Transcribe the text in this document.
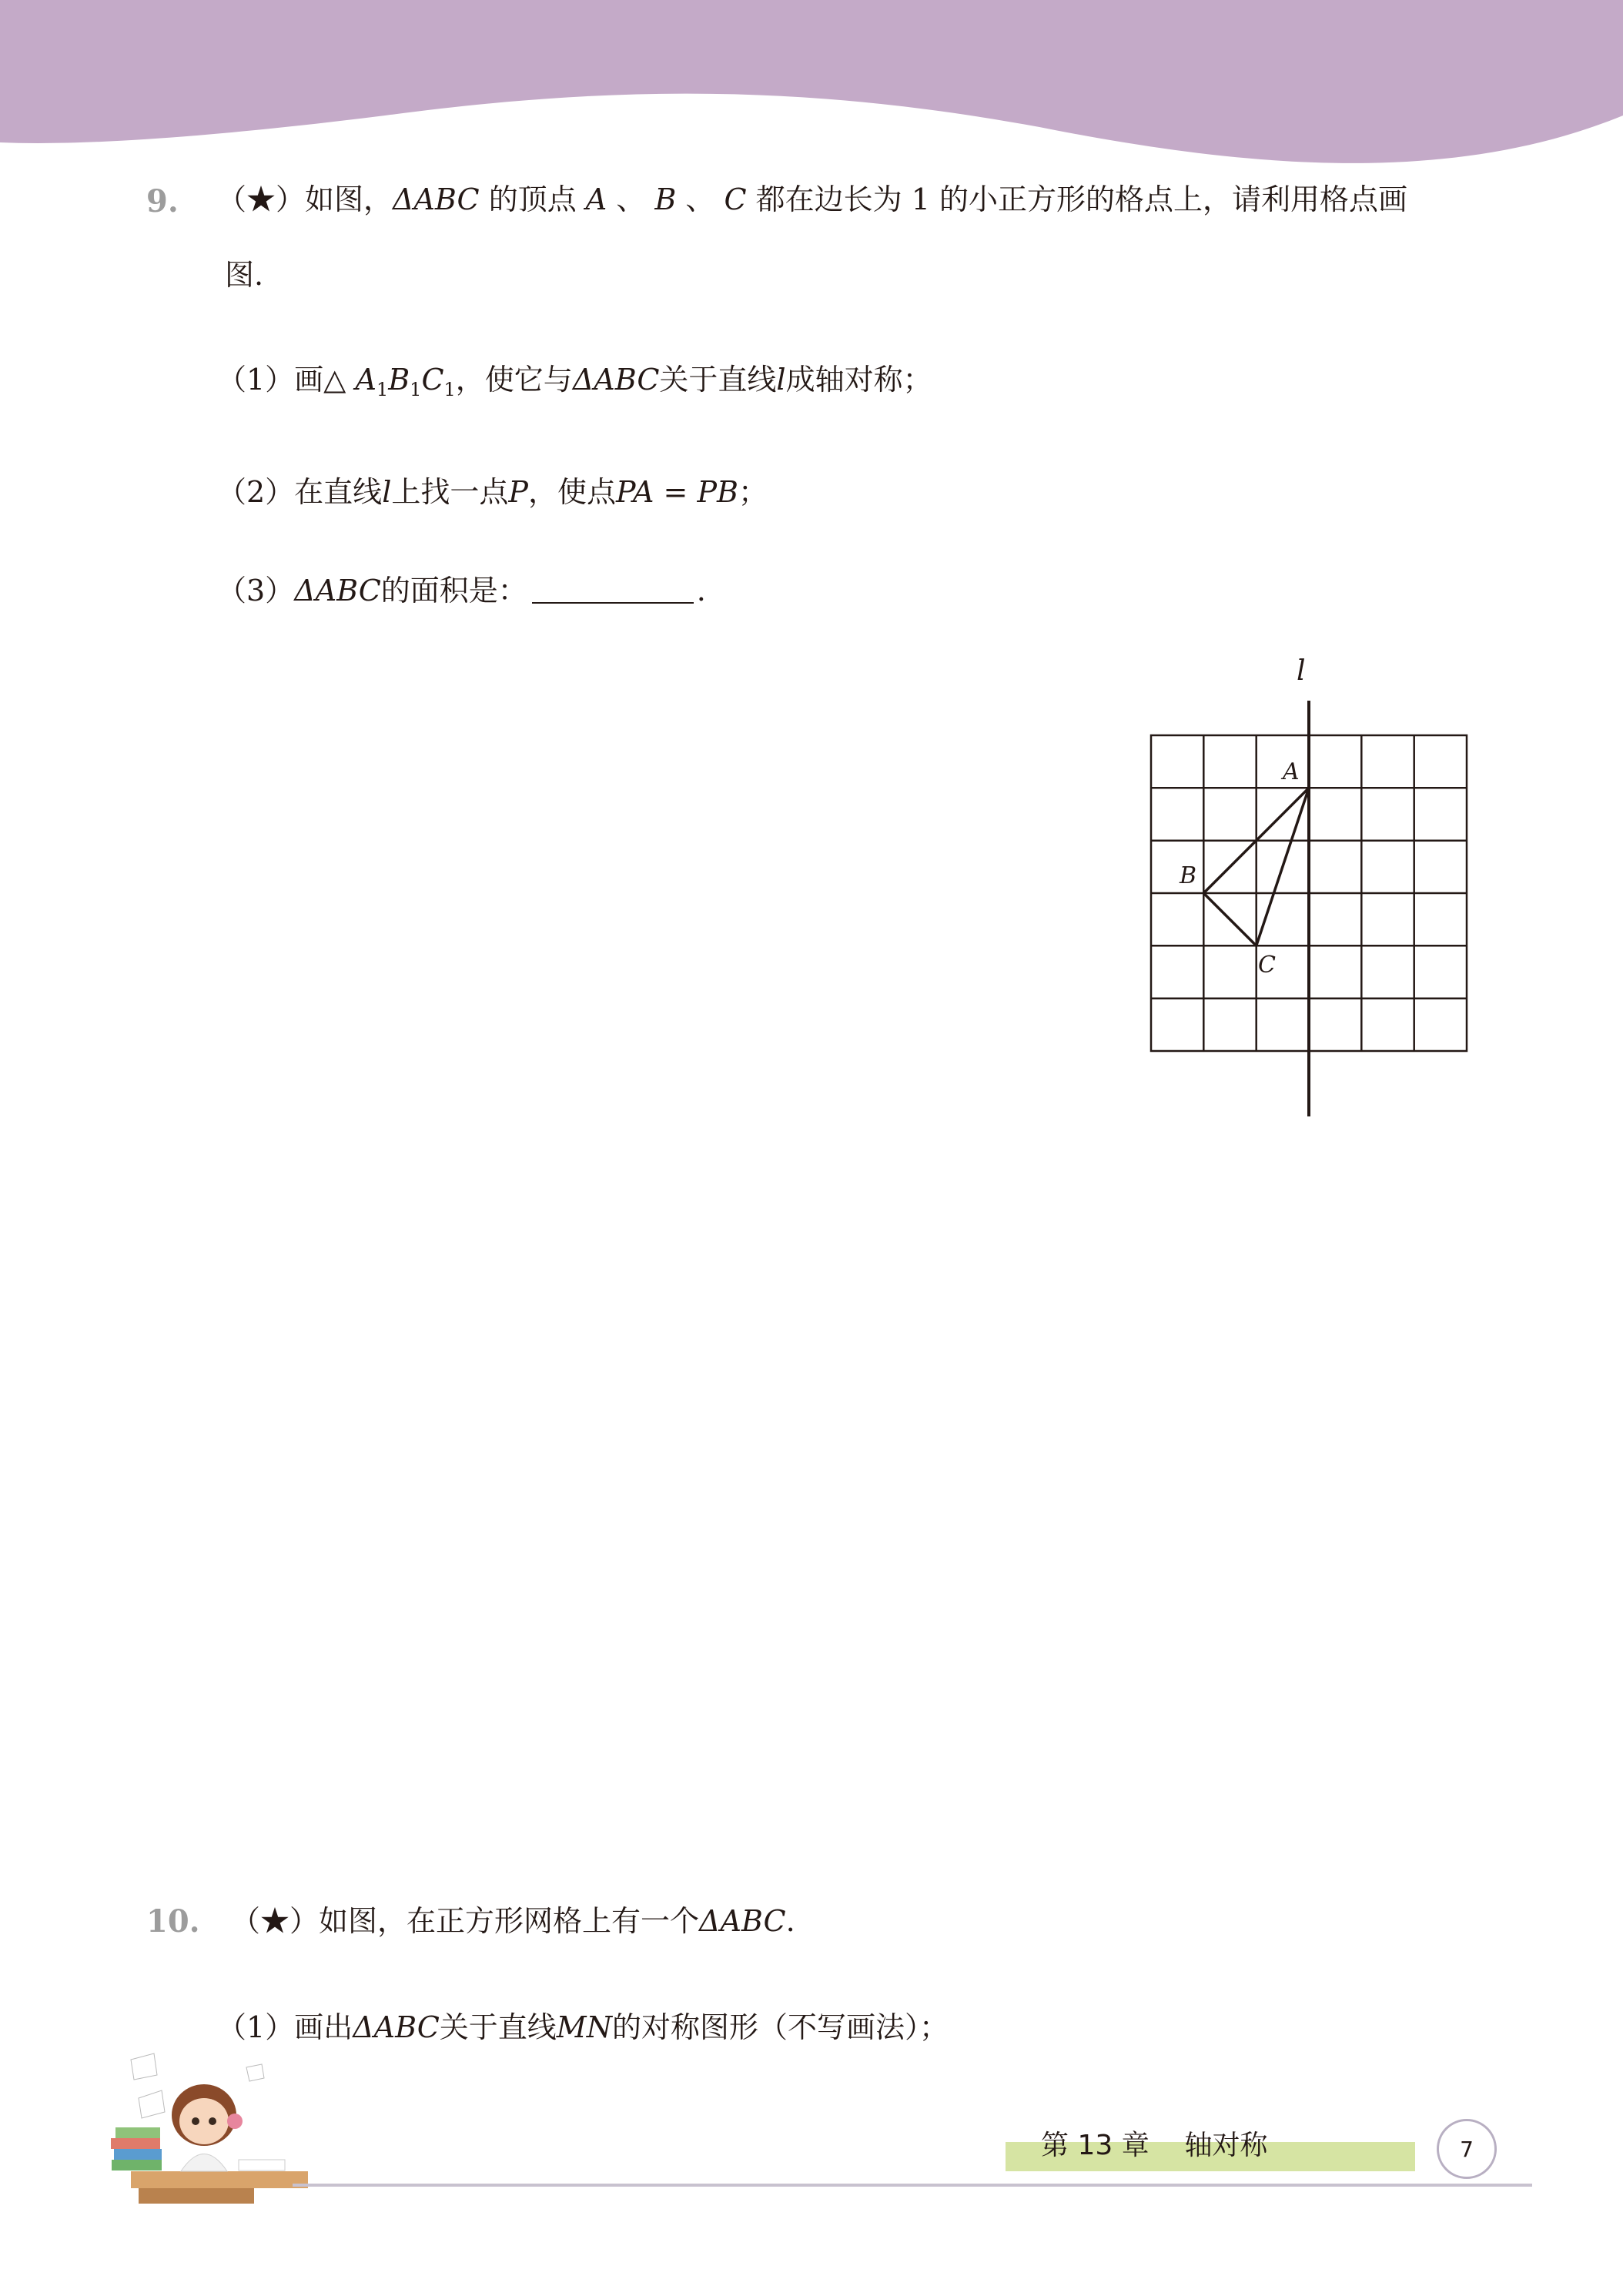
9. （★）如图，ΔABC 的顶点 A 、 B 、 C 都在边长为 1 的小正方形的格点上，请利用格点画
图.
（1）画△ $A_1B_1C_1$，使它与ΔABC关于直线l成轴对称；
（2）在直线l上找一点P，使点PA = PB；
（3）ΔABC的面积是：	.
l
A
B
C
10. （★）如图，在正方形网格上有一个ΔABC.
（1）画出ΔABC关于直线MN的对称图形（不写画法）；
第 13 章    轴对称	7
